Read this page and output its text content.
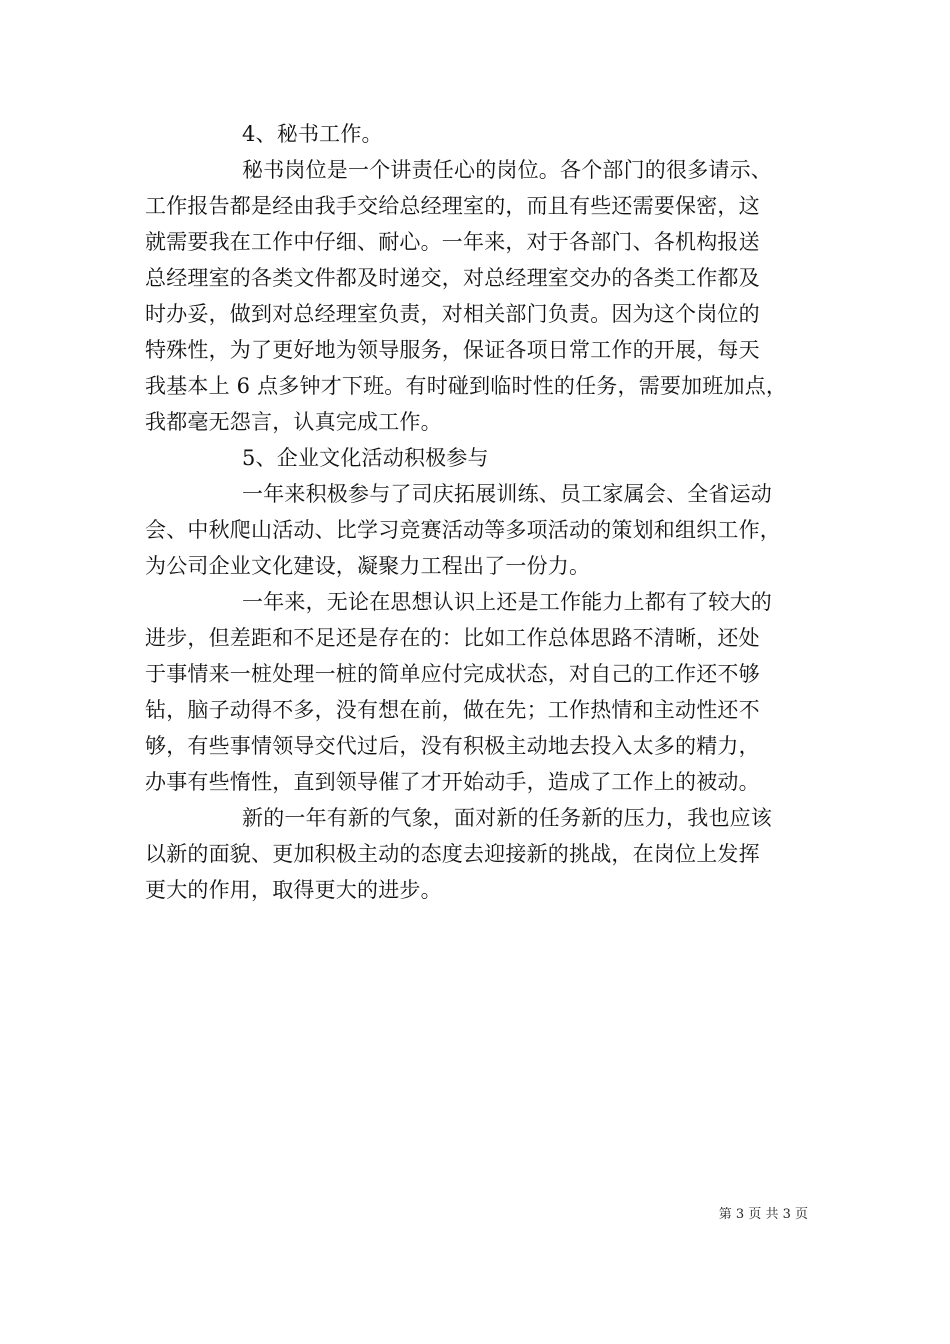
4、秘书工作。
秘书岗位是一个讲责任心的岗位。各个部门的很多请示、
工作报告都是经由我手交给总经理室的，而且有些还需要保密，这
就需要我在工作中仔细、耐心。一年来，对于各部门、各机构报送
总经理室的各类文件都及时递交，对总经理室交办的各类工作都及
时办妥，做到对总经理室负责，对相关部门负责。因为这个岗位的
特殊性，为了更好地为领导服务，保证各项日常工作的开展，每天
我基本上 6 点多钟才下班。有时碰到临时性的任务，需要加班加点，
我都毫无怨言，认真完成工作。
5、企业文化活动积极参与
一年来积极参与了司庆拓展训练、员工家属会、全省运动
会、中秋爬山活动、比学习竞赛活动等多项活动的策划和组织工作，
为公司企业文化建设，凝聚力工程出了一份力。
一年来，无论在思想认识上还是工作能力上都有了较大的
进步，但差距和不足还是存在的：比如工作总体思路不清晰，还处
于事情来一桩处理一桩的简单应付完成状态，对自己的工作还不够
钻，脑子动得不多，没有想在前，做在先；工作热情和主动性还不
够，有些事情领导交代过后，没有积极主动地去投入太多的精力，
办事有些惰性，直到领导催了才开始动手，造成了工作上的被动。
新的一年有新的气象，面对新的任务新的压力，我也应该
以新的面貌、更加积极主动的态度去迎接新的挑战，在岗位上发挥
更大的作用，取得更大的进步。
第 3 页 共 3 页
